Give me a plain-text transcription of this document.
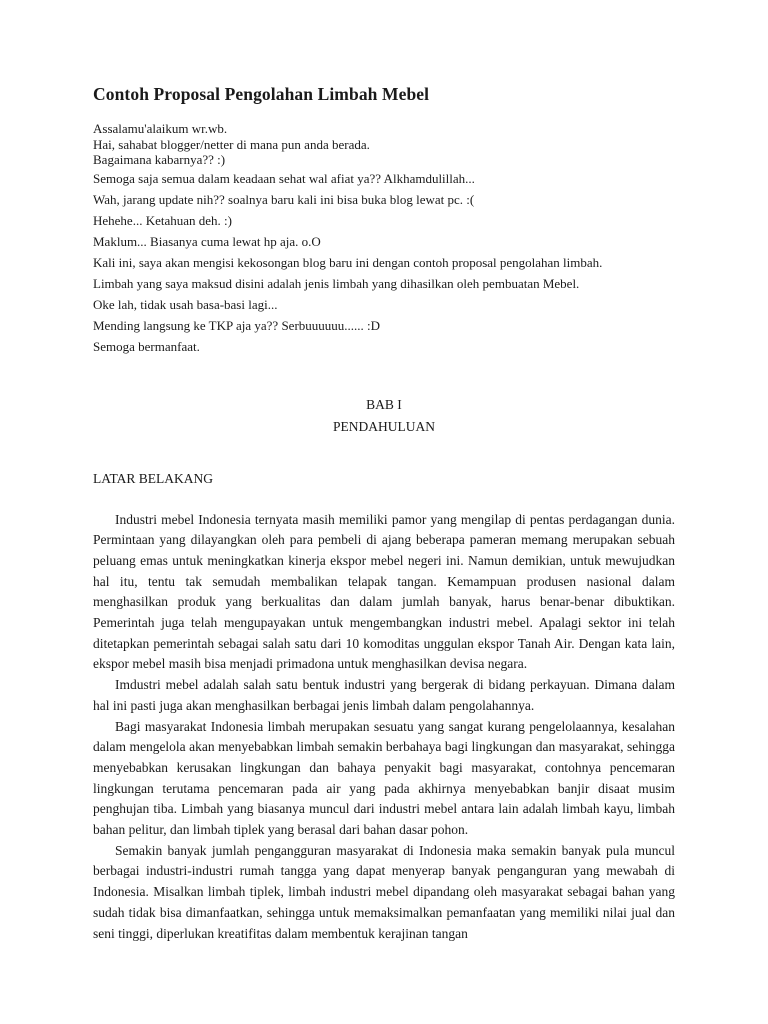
Contoh Proposal Pengolahan Limbah Mebel
Assalamu'alaikum wr.wb.
Hai, sahabat blogger/netter di mana pun anda berada.
Bagaimana kabarnya?? :)
Semoga saja semua dalam keadaan sehat wal afiat ya?? Alkhamdulillah...
Wah, jarang update nih?? soalnya baru kali ini bisa buka blog lewat pc. :(
Hehehe... Ketahuan deh. :)
Maklum... Biasanya cuma lewat hp aja. o.O
Kali ini, saya akan mengisi kekosongan blog baru ini dengan contoh proposal pengolahan limbah.
Limbah yang saya maksud disini adalah jenis limbah yang dihasilkan oleh pembuatan Mebel.
Oke lah, tidak usah basa-basi lagi...
Mending langsung ke TKP aja ya?? Serbuuuuuu...... :D
Semoga bermanfaat.
BAB I
PENDAHULUAN
LATAR BELAKANG

Industri mebel Indonesia ternyata masih memiliki pamor yang mengilap di pentas perdagangan dunia. Permintaan yang dilayangkan oleh para pembeli di ajang beberapa pameran memang merupakan sebuah peluang emas untuk meningkatkan kinerja ekspor mebel negeri ini. Namun demikian, untuk mewujudkan hal itu, tentu tak semudah membalikan telapak tangan. Kemampuan produsen nasional dalam menghasilkan produk yang berkualitas dan dalam jumlah banyak, harus benar-benar dibuktikan. Pemerintah juga telah mengupayakan untuk mengembangkan industri mebel. Apalagi sektor ini telah ditetapkan pemerintah sebagai salah satu dari 10 komoditas unggulan ekspor Tanah Air. Dengan kata lain, ekspor mebel masih bisa menjadi primadona untuk menghasilkan devisa negara.

Imdustri mebel adalah salah satu bentuk industri yang bergerak di bidang perkayuan. Dimana dalam hal ini pasti juga akan menghasilkan berbagai jenis limbah dalam pengolahannya.

Bagi masyarakat Indonesia limbah merupakan sesuatu yang sangat kurang pengelolaannya, kesalahan dalam mengelola akan menyebabkan limbah semakin berbahaya bagi lingkungan dan masyarakat, sehingga menyebabkan kerusakan lingkungan dan bahaya penyakit bagi masyarakat, contohnya pencemaran lingkungan terutama pencemaran pada air yang pada akhirnya menyebabkan banjir disaat musim penghujan tiba. Limbah yang biasanya muncul dari industri mebel antara lain adalah limbah kayu, limbah bahan pelitur, dan limbah tiplek yang berasal dari bahan dasar pohon.

Semakin banyak jumlah pengangguran masyarakat di Indonesia maka semakin banyak pula muncul berbagai industri-industri rumah tangga yang dapat menyerap banyak penganguran yang mewabah di Indonesia. Misalkan limbah tiplek, limbah industri mebel dipandang oleh masyarakat sebagai bahan yang sudah tidak bisa dimanfaatkan, sehingga untuk memaksimalkan pemanfaatan yang memiliki nilai jual dan seni tinggi, diperlukan kreatifitas dalam membentuk kerajinan tangan
